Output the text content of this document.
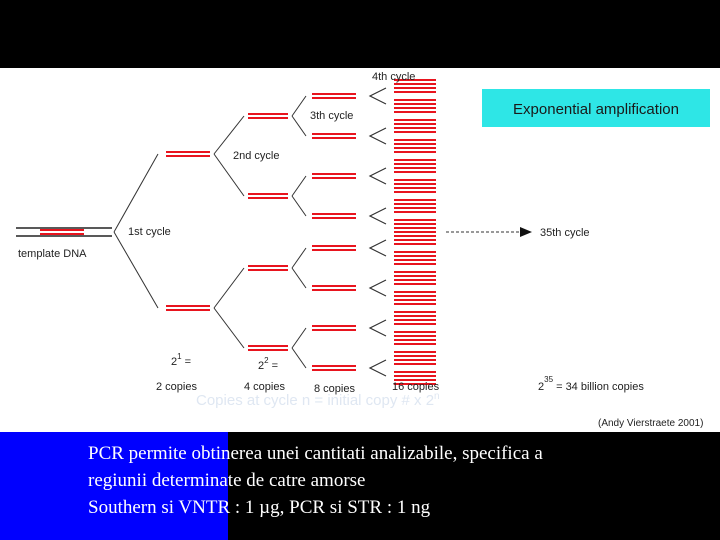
Exponential amplification
template DNA
1st cycle
2nd cycle
3th cycle
4th cycle
35th cycle
$2^1$ =
2 copies
$2^2$ =
4 copies	8 copies	16 copies
Copies at cycle n = initial copy # x 2$^n$
$2^{35} = 34$ billion copies
(Andy Vierstraete 2001)
PCR permite obtinerea unei cantitati analizabile, specifica a
regiunii determinate de catre amorse
Southern si VNTR : 1 µg, PCR si STR : 1 ng
